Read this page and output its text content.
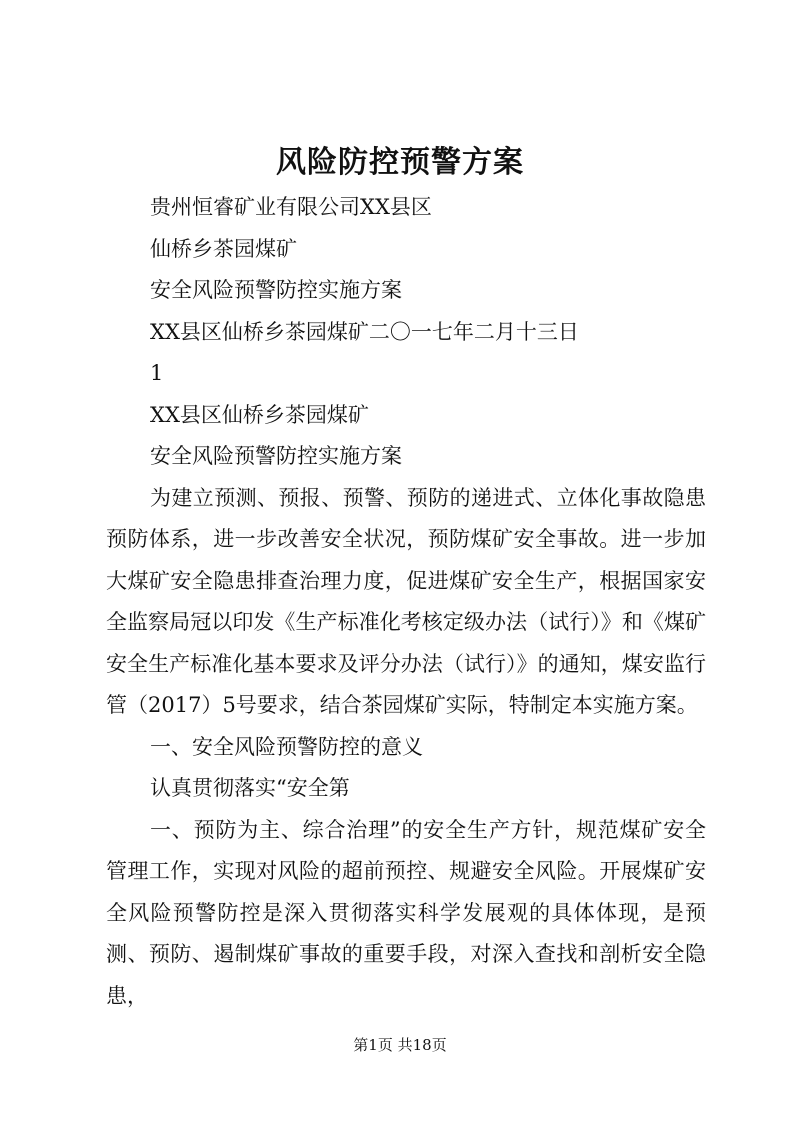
风险防控预警方案

贵州恒睿矿业有限公司XX县区

仙桥乡茶园煤矿

安全风险预警防控实施方案

XX县区仙桥乡茶园煤矿二〇一七年二月十三日

1

XX县区仙桥乡茶园煤矿

安全风险预警防控实施方案

为建立预测、预报、预警、预防的递进式、立体化事故隐患预防体系，进一步改善安全状况，预防煤矿安全事故。进一步加大煤矿安全隐患排查治理力度，促进煤矿安全生产，根据国家安全监察局冠以印发《生产标准化考核定级办法（试行）》和《煤矿安全生产标准化基本要求及评分办法（试行）》的通知，煤安监行管（2017）5号要求，结合茶园煤矿实际，特制定本实施方案。

一、安全风险预警防控的意义

认真贯彻落实“安全第

一、预防为主、综合治理”的安全生产方针，规范煤矿安全管理工作，实现对风险的超前预控、规避安全风险。开展煤矿安全风险预警防控是深入贯彻落实科学发展观的具体体现，是预测、预防、遏制煤矿事故的重要手段，对深入查找和剖析安全隐患，

第1页 共18页
